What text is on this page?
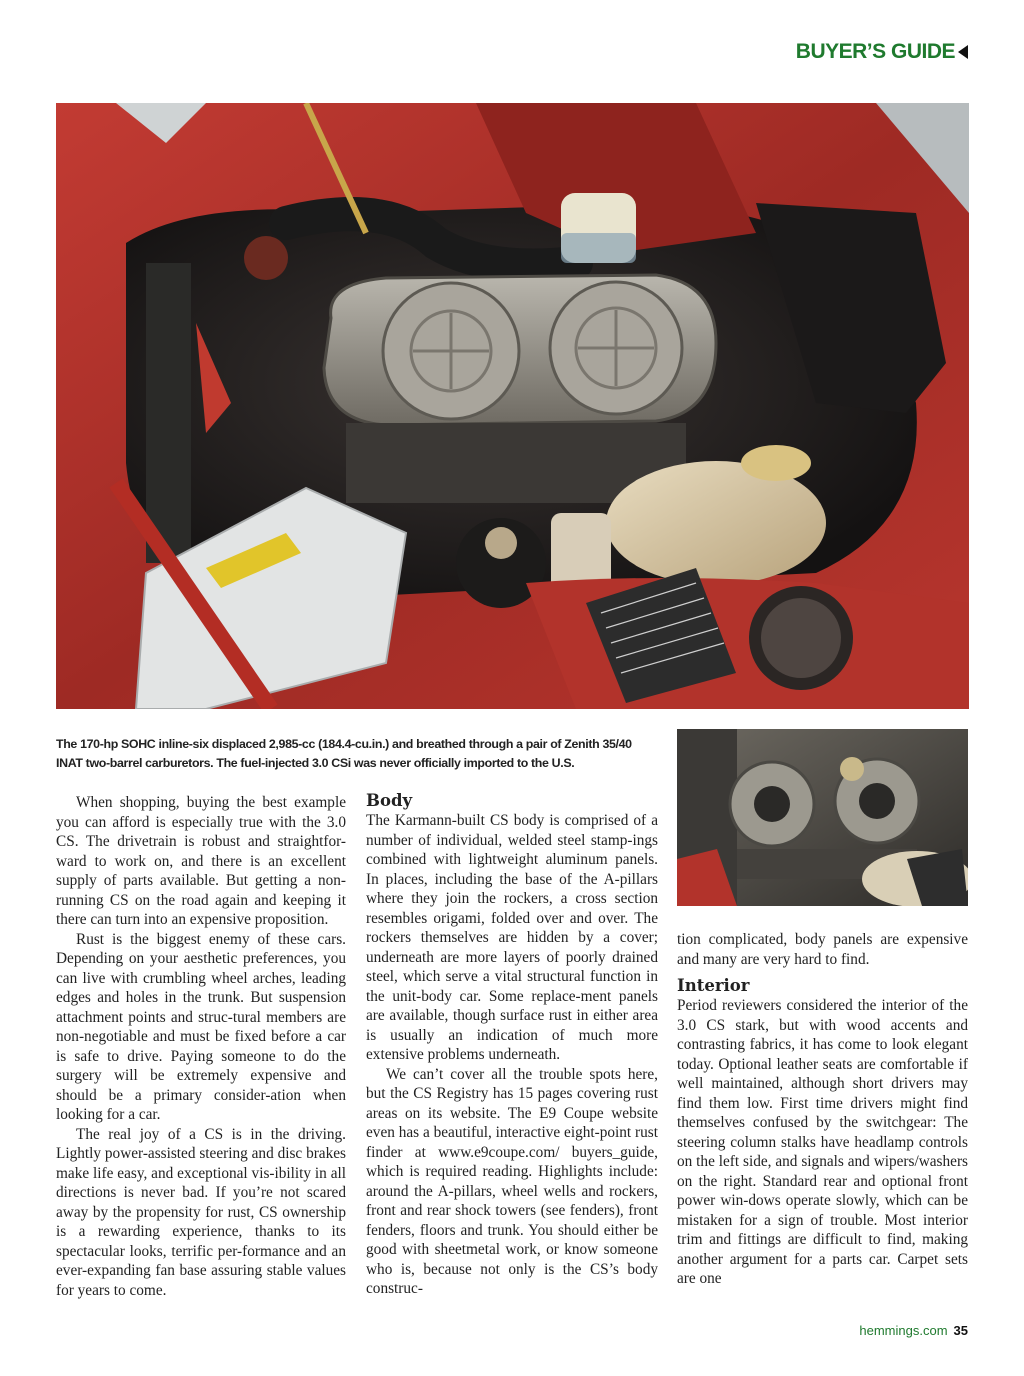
BUYER’S GUIDE
The 170-hp SOHC inline-six displaced 2,985-cc (184.4-cu.in.) and breathed through a pair of Zenith 35/40 INAT two-barrel carburetors. The fuel-injected 3.0 CSi was never officially imported to the U.S.

When shopping, buying the best example you can afford is especially true with the 3.0 CS. The drivetrain is robust and straightfor-ward to work on, and there is an excellent supply of parts available. But getting a non-running CS on the road again and keeping it there can turn into an expensive proposition.

Rust is the biggest enemy of these cars. Depending on your aesthetic preferences, you can live with crumbling wheel arches, leading edges and holes in the trunk. But suspension attachment points and struc-tural members are non-negotiable and must be fixed before a car is safe to drive. Paying someone to do the surgery will be extremely expensive and should be a primary consider-ation when looking for a car.

The real joy of a CS is in the driving. Lightly power-assisted steering and disc brakes make life easy, and exceptional vis-ibility in all directions is never bad. If you’re not scared away by the propensity for rust, CS ownership is a rewarding experience, thanks to its spectacular looks, terrific per-formance and an ever-expanding fan base assuring stable values for years to come.

Body

The Karmann-built CS body is comprised of a number of individual, welded steel stamp-ings combined with lightweight aluminum panels. In places, including the base of the A-pillars where they join the rockers, a cross section resembles origami, folded over and over. The rockers themselves are hidden by a cover; underneath are more layers of poorly drained steel, which serve a vital structural function in the unit-body car. Some replace-ment panels are available, though surface rust in either area is usually an indication of much more extensive problems underneath.

We can’t cover all the trouble spots here, but the CS Registry has 15 pages covering rust areas on its website. The E9 Coupe website even has a beautiful, interactive eight-point rust finder at www.e9coupe.com/ buyers_guide, which is required reading. Highlights include: around the A-pillars, wheel wells and rockers, front and rear shock towers (see fenders), front fenders, floors and trunk. You should either be good with sheetmetal work, or know someone who is, because not only is the CS’s body construc-

tion complicated, body panels are expensive and many are very hard to find.

Interior

Period reviewers considered the interior of the 3.0 CS stark, but with wood accents and contrasting fabrics, it has come to look elegant today. Optional leather seats are comfortable if well maintained, although short drivers may find them low. First time drivers might find themselves confused by the switchgear: The steering column stalks have headlamp controls on the left side, and signals and wipers/washers on the right. Standard rear and optional front power win-dows operate slowly, which can be mistaken for a sign of trouble. Most interior trim and fittings are difficult to find, making another argument for a parts car. Carpet sets are one

hemmings.com 35
